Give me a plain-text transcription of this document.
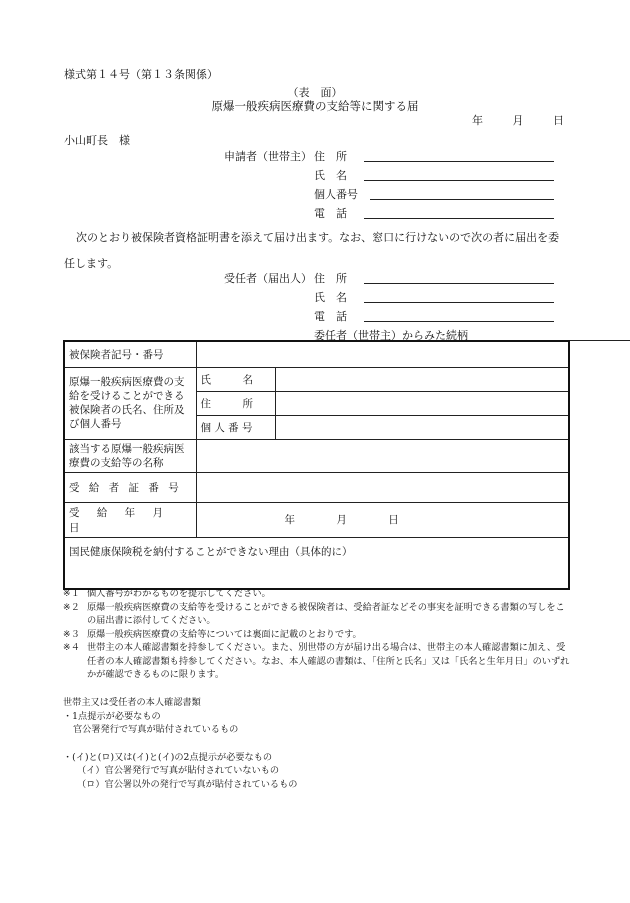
様式第１４号（第１３条関係）
（表　面）
原爆一般疾病医療費の支給等に関する届
年	月	日
小山町長　様
申請者（世帯主） 住　所
氏　名
個人番号
電　話
次のとおり被保険者資格証明書を添えて届け出ます。なお、窓口に行けないので次の者に届出を委任します。
受任者（届出人） 住　所
氏　名
電　話
委任者（世帯主）からみた続柄
被保険者記号・番号		
原爆一般疾病医療費の支給を受けることができる被保険者の氏名、住所及び個人番号	氏　　　名	
	住　　　所	
	個 人 番 号	
該当する原爆一般疾病医療費の支給等の名称		
受 給 者 証 番 号		
受 給 年 月 日	年 月 日	
国民健康保険税を納付することができない理由（具体的に）		
※１ 個人番号がわかるものを提示してください。
※２ 原爆一般疾病医療費の支給等を受けることができる被保険者は、受給者証などその事実を証明できる書類の写しをこの届出書に添付してください。
※３ 原爆一般疾病医療費の支給等については裏面に記載のとおりです。
※４ 世帯主の本人確認書類を持参してください。また、別世帯の方が届け出る場合は、世帯主の本人確認書類に加え、受任者の本人確認書類も持参してください。なお、本人確認の書類は、「住所と氏名」又は「氏名と生年月日」のいずれかが確認できるものに限ります。
世帯主又は受任者の本人確認書類
・1点提示が必要なもの
官公署発行で写真が貼付されているもの
・(イ)と(ロ)又は(イ)と(イ)の2点提示が必要なもの
（イ）官公署発行で写真が貼付されていないもの
（ロ）官公署以外の発行で写真が貼付されているもの
